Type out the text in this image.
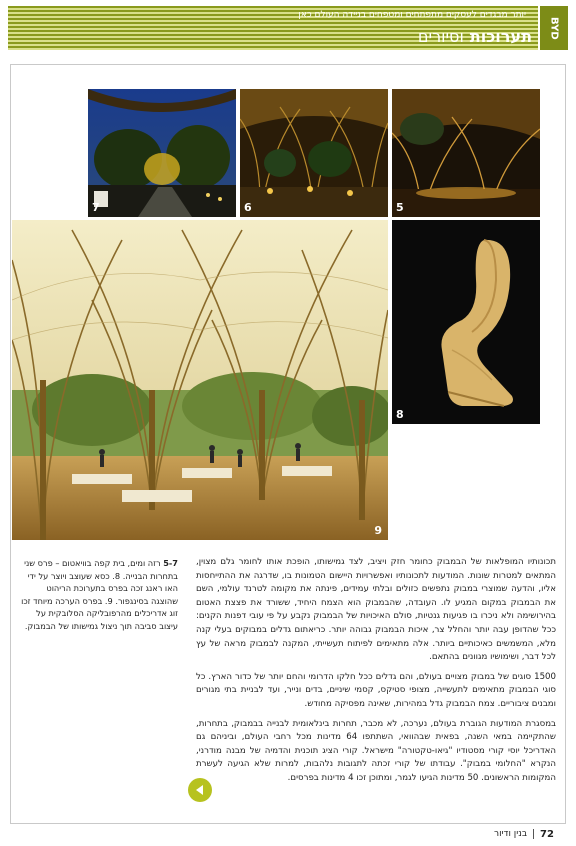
יותר מבגדים לעסקים מתפתחים ומטפחים בניידה העולם כאן
תערוכות
וסיורים	BYD
7	6	5
9
8

תכונותיו המופלאות של הבמבוק כחומר חזק ויציב, לצד גמישותו, הופכת אותו לחומר גלם מצוין, המתאים למטרות שונות. המודעות לתכונותיו ואפשרויות היישום הטמונות בו, שדרגה את ההתייחסות אליו, והדעה שמוצרי במבוק נתפשים כזולים ובלתי עמידים, פינתה את מקומה לטרנד עולמי, השם את הבמבוק במקום המגיע לו. העובדה, שהבמבוק הוא הצמח היחיד, ששורד את פצצת האטום בהירושימה ולא ניכרו בו פגיעות גנטיות, סולם האיכויות של הבמבוק נקבע על פי עובי דפנות הקנים: ככל שהדופן עבה יותר והחלל צר, איכות הבמבוק גבוהה יותר. כריאתום גדלים במבוקים בעלי קנה מלא, המשמשים כאיכותיים ביותר. אלה מתאימים לפיתוח תעשייתי, המקנה לבמבוק מראה של עץ לכל דבר, ושימושיו מגוונים בהתאם.

1500 סוגים של במבוק מצויים בעולם, והם גדלים ככל חלקו הדרומי והחם יותר של כדור הארץ. כל סוגי הבמבוק מתאימים לתעשייה, מצופי סטיקס, קסמי שיניים, בדים ונייר, ועד לבניית בתי מגורים ומבנים ציבוריים. צמח הבמבוק גדל במהירות, שאינה מפסיקה מחודש.

במסגרת המודעות הגוברת בעולם, נערכה, לא מכבר, תחרות בינלאומית לבנייה בבמבוק, בתחרות, שהתקיימה במאי השנה, בפאית שבהוואי, השתתפו 64 מדינות מכל רחבי העולם, וביניהם גם האדריכל יוסי קורי מסטודיו "גיאו-טקטורה" מישראל. קורי הציג תוכנית והדמיה של מבנה מודרני, הנקרא "החלומי במבוק". עבודתו של קורי זכתה לתגובות נלהבות, למרות שלא הגיעה לעשרת המקומות הראשונים. 50 מדינות הגיעו לגמר, ומתוכן זכו 4 מדינות בפרסים.

5-7 רזה ומים, בית קפה בוויאטום – פרס שני בתחרות הבנייה. 8. כסא שעוצב ויוצר על ידי האו ראנג זכה בפרס בתערוכת הריהוט שהוצגה בסינגפור. 9. בפרס הערכה מיוחד זכו זוג אדריכלים מהרפובליקה הסלובקית על עיצוב סביבה תוך ניצול גמישותו של הבמבוק.
72
בנין ודיור
